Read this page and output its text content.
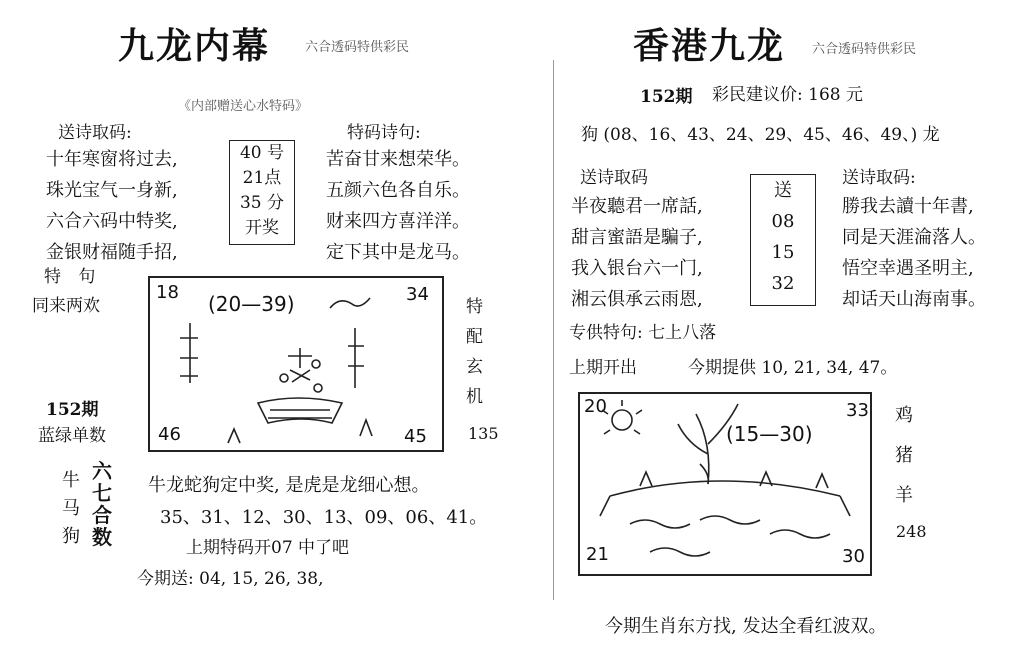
九龙内幕	六合透码特供彩民
《内部赠送心水特码》
送诗取码:	特码诗句:
十年寒窗将过去,
珠光宝气一身新,
六合六码中特奖,
金银财福随手招,
40 号
21点
35 分
开奖
苦奋甘来想荣华。
五颜六色各自乐。
财来四方喜洋洋。
定下其中是龙马。
特 句
同来两欢
152期
蓝绿单数
18	34
46	45
(20—39)	特
配
玄
机
135
牛
马
狗
六
七
合
数
牛龙蛇狗定中奖, 是虎是龙细心想。
35、31、12、30、13、09、06、41。
上期特码开07 中了吧
今期送: 04, 15, 26, 38,
香港九龙 六合透码特供彩民
152期 彩民建议价: 168 元
狗 (08、16、43、24、29、45、46、49、) 龙
送诗取码	送诗取码:
半夜聽君一席話,
甜言蜜語是騙子,
我入银台六一门,
湘云俱承云雨恩,
送
08
15
32
勝我去讀十年書,
同是天涯淪落人。
悟空幸遇圣明主,
却话天山海南事。
专供特句: 七上八落
上期开出	今期提供 10, 21, 34, 47。
20	33
21	30
(15—30)
鸡
猪
羊
248
今期生肖东方找, 发达全看红波双。
